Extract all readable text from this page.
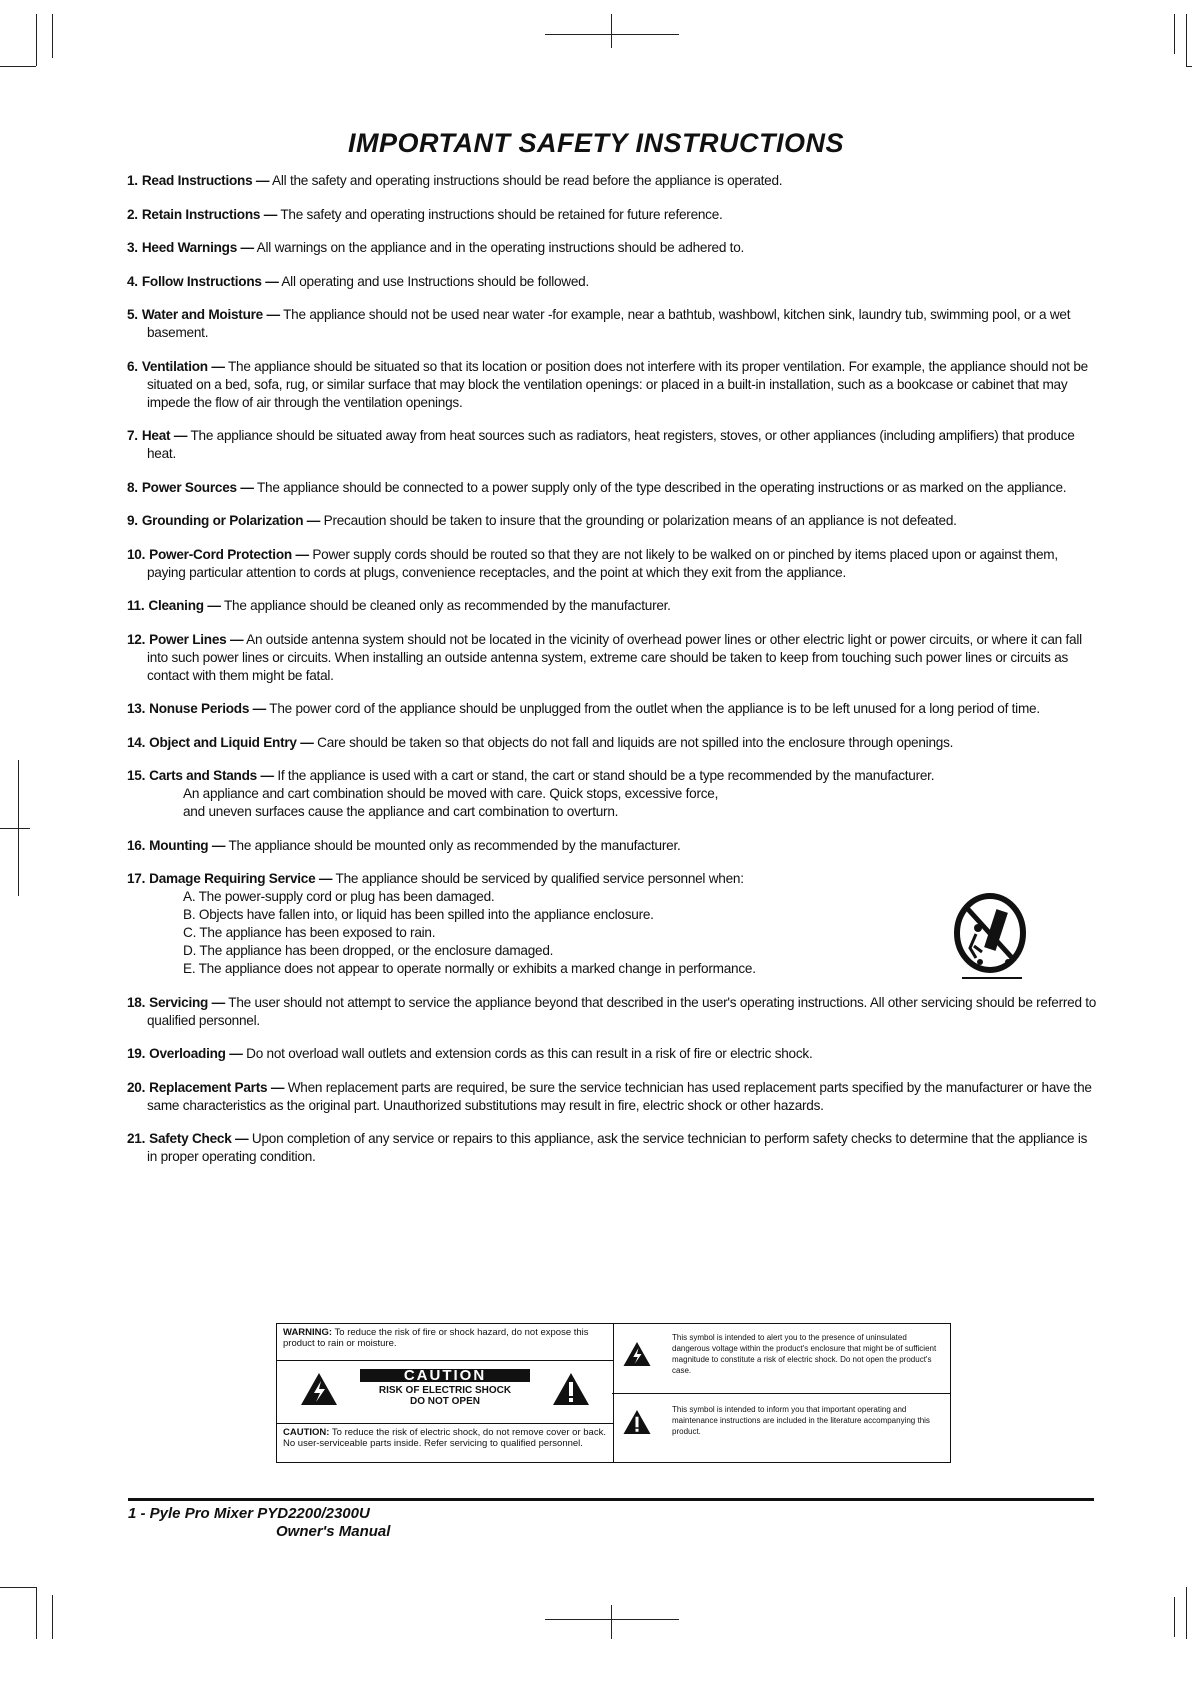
IMPORTANT SAFETY INSTRUCTIONS
1. Read Instructions — All the safety and operating instructions should be read before the appliance is operated.
2. Retain Instructions — The safety and operating instructions should be retained for future reference.
3. Heed Warnings — All warnings on the appliance and in the operating instructions should be adhered to.
4. Follow Instructions — All operating and use Instructions should be followed.
5. Water and Moisture — The appliance should not be used near water -for example, near a bathtub, washbowl, kitchen sink, laundry tub, swimming pool, or a wet basement.
6. Ventilation — The appliance should be situated so that its location or position does not interfere with its proper ventilation. For example, the appliance should not be situated on a bed, sofa, rug, or similar surface that may block the ventilation openings: or placed in a built-in installation, such as a bookcase or cabinet that may impede the flow of air through the ventilation openings.
7. Heat — The appliance should be situated away from heat sources such as radiators, heat registers, stoves, or other appliances (including amplifiers) that produce heat.
8. Power Sources — The appliance should be connected to a power supply only of the type described in the operating instructions or as marked on the appliance.
9. Grounding or Polarization — Precaution should be taken to insure that the grounding or polarization means of an appliance is not defeated.
10. Power-Cord Protection — Power supply cords should be routed so that they are not likely to be walked on or pinched by items placed upon or against them, paying particular attention to cords at plugs, convenience receptacles, and the point at which they exit from the appliance.
11. Cleaning — The appliance should be cleaned only as recommended by the manufacturer.
12. Power Lines — An outside antenna system should not be located in the vicinity of overhead power lines or other electric light or power circuits, or where it can fall into such power lines or circuits. When installing an outside antenna system, extreme care should be taken to keep from touching such power lines or circuits as contact with them might be fatal.
13. Nonuse Periods — The power cord of the appliance should be unplugged from the outlet when the appliance is to be left unused for a long period of time.
14. Object and Liquid Entry — Care should be taken so that objects do not fall and liquids are not spilled into the enclosure through openings.
15. Carts and Stands — If the appliance is used with a cart or stand, the cart or stand should be a type recommended by the manufacturer.
An appliance and cart combination should be moved with care. Quick stops, excessive force,
and uneven surfaces cause the appliance and cart combination to overturn.
16. Mounting — The appliance should be mounted only as recommended by the manufacturer.
17. Damage Requiring Service — The appliance should be serviced by qualified service personnel when:
A. The power-supply cord or plug has been damaged.
B. Objects have fallen into, or liquid has been spilled into the appliance enclosure.
C. The appliance has been exposed to rain.
D. The appliance has been dropped, or the enclosure damaged.
E. The appliance does not appear to operate normally or exhibits a marked change in performance.
18. Servicing — The user should not attempt to service the appliance beyond that described in the user's operating instructions. All other servicing should be referred to qualified personnel.
19. Overloading — Do not overload wall outlets and extension cords as this can result in a risk of fire or electric shock.
20. Replacement Parts — When replacement parts are required, be sure the service technician has used replacement parts specified by the manufacturer or have the same characteristics as the original part. Unauthorized substitutions may result in fire, electric shock or other hazards.
21. Safety Check — Upon completion of any service or repairs to this appliance, ask the service technician to perform safety checks to determine that the appliance is in proper operating condition.
WARNING: To reduce the risk of fire or shock hazard, do not expose this product to rain or moisture.
CAUTION
RISK OF ELECTRIC SHOCK
DO NOT OPEN
CAUTION: To reduce the risk of electric shock, do not remove cover or back. No user-serviceable parts inside. Refer servicing to qualified personnel.
This symbol is intended to alert you to the presence of uninsulated dangerous voltage within the product's enclosure that might be of sufficient magnitude to constitute a risk of electric shock. Do not open the product's case.
This symbol is intended to inform you that important operating and maintenance instructions are included in the literature accompanying this product.
1 - Pyle Pro Mixer PYD2200/2300U
Owner's Manual
